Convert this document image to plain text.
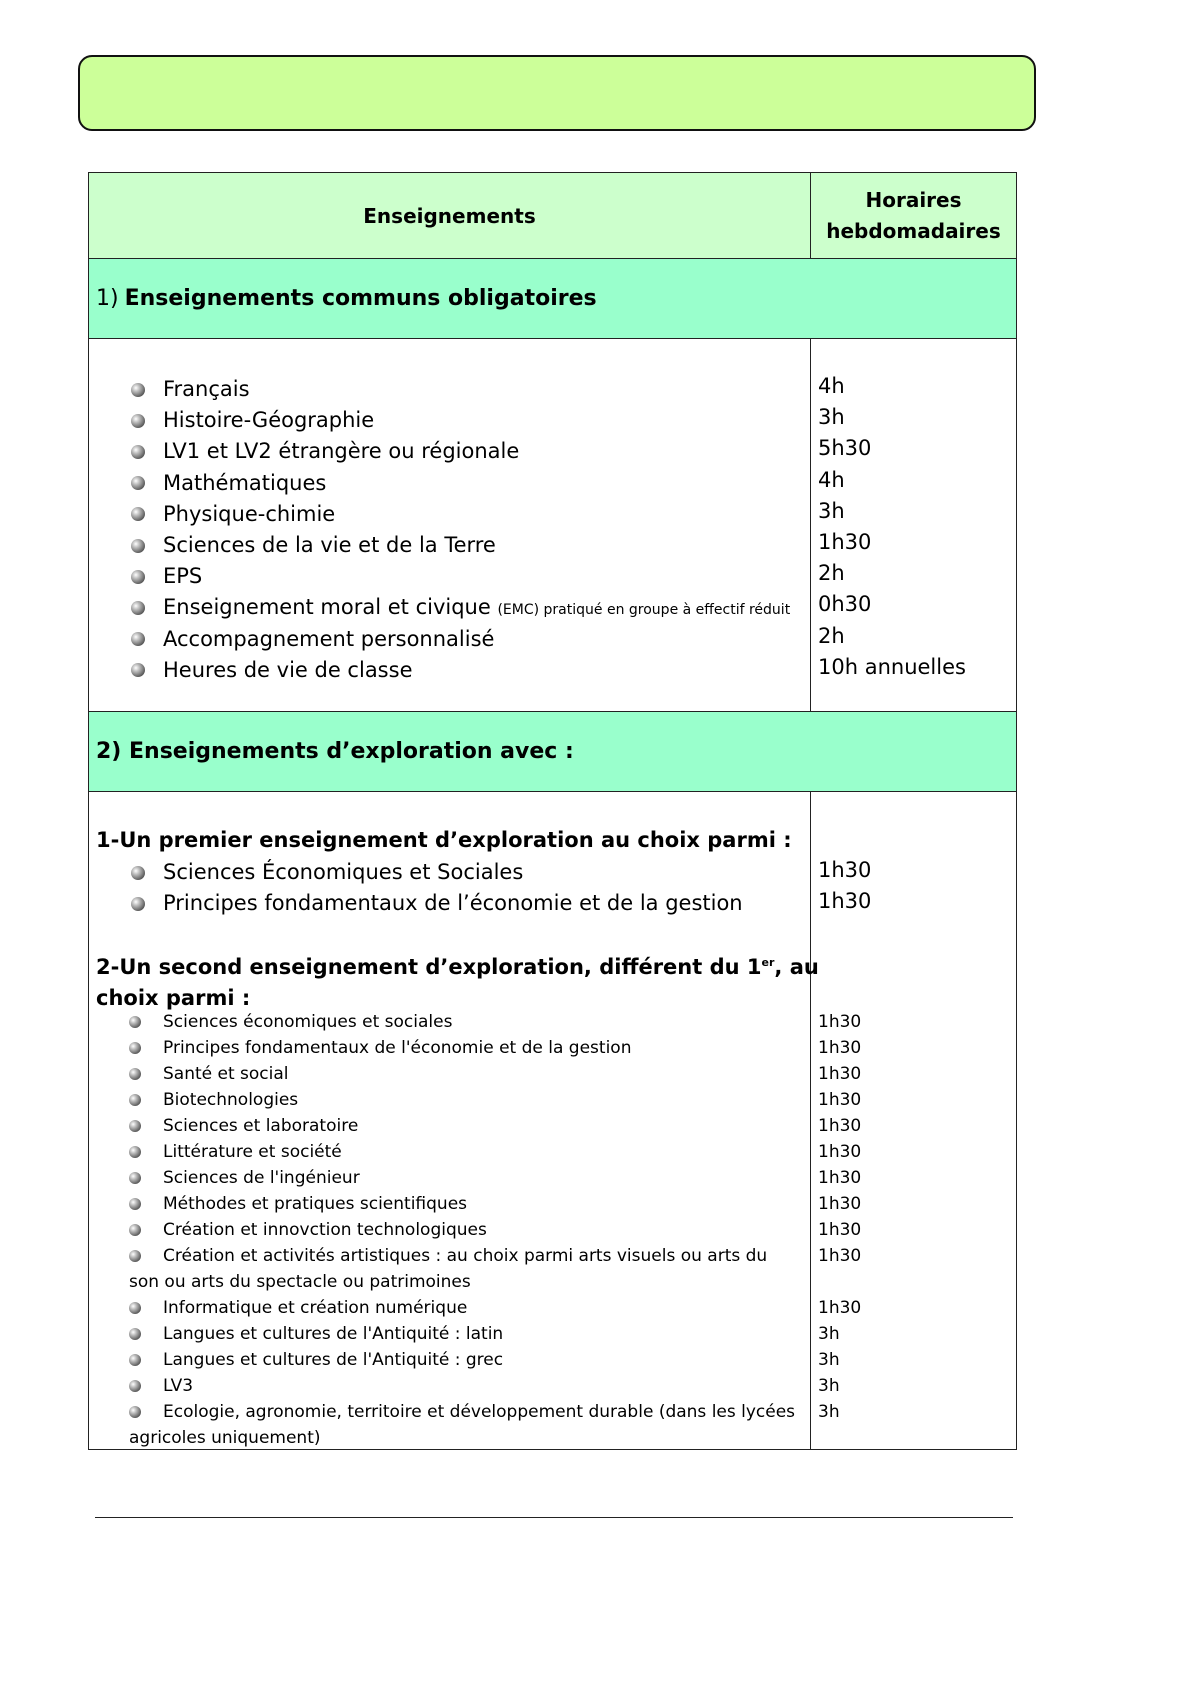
Enseignements
Horaires
hebdomadaires
1) Enseignements communs obligatoires
Français
Histoire-Géographie
LV1 et LV2 étrangère ou régionale
Mathématiques
Physique-chimie
Sciences de la vie et de la Terre
EPS
Enseignement moral et civique (EMC) pratiqué en groupe à effectif réduit
Accompagnement personnalisé
Heures de vie de classe
4h
3h
5h30
4h
3h
1h30
2h
0h30
2h
10h annuelles
2) Enseignements d’exploration avec :
1-Un premier enseignement d’exploration au choix parmi :
Sciences Économiques et Sociales
Principes fondamentaux de l’économie et de la gestion
2-Un second enseignement d’exploration, différent du 1er, au
choix parmi :
Sciences économiques et sociales
Principes fondamentaux de l'économie et de la gestion
Santé et social
Biotechnologies
Sciences et laboratoire
Littérature et société
Sciences de l'ingénieur
Méthodes et pratiques scientifiques
Création et innovction technologiques
Création et activités artistiques : au choix parmi arts visuels ou arts du
son ou arts du spectacle ou patrimoines
Informatique et création numérique
Langues et cultures de l'Antiquité : latin
Langues et cultures de l'Antiquité : grec
LV3
Ecologie, agronomie, territoire et développement durable (dans les lycées
agricoles uniquement)
1h30
1h30
1h30
1h30
1h30
1h30
1h30
1h30
1h30
1h30
1h30
1h30
1h30
3h
3h
3h
3h
